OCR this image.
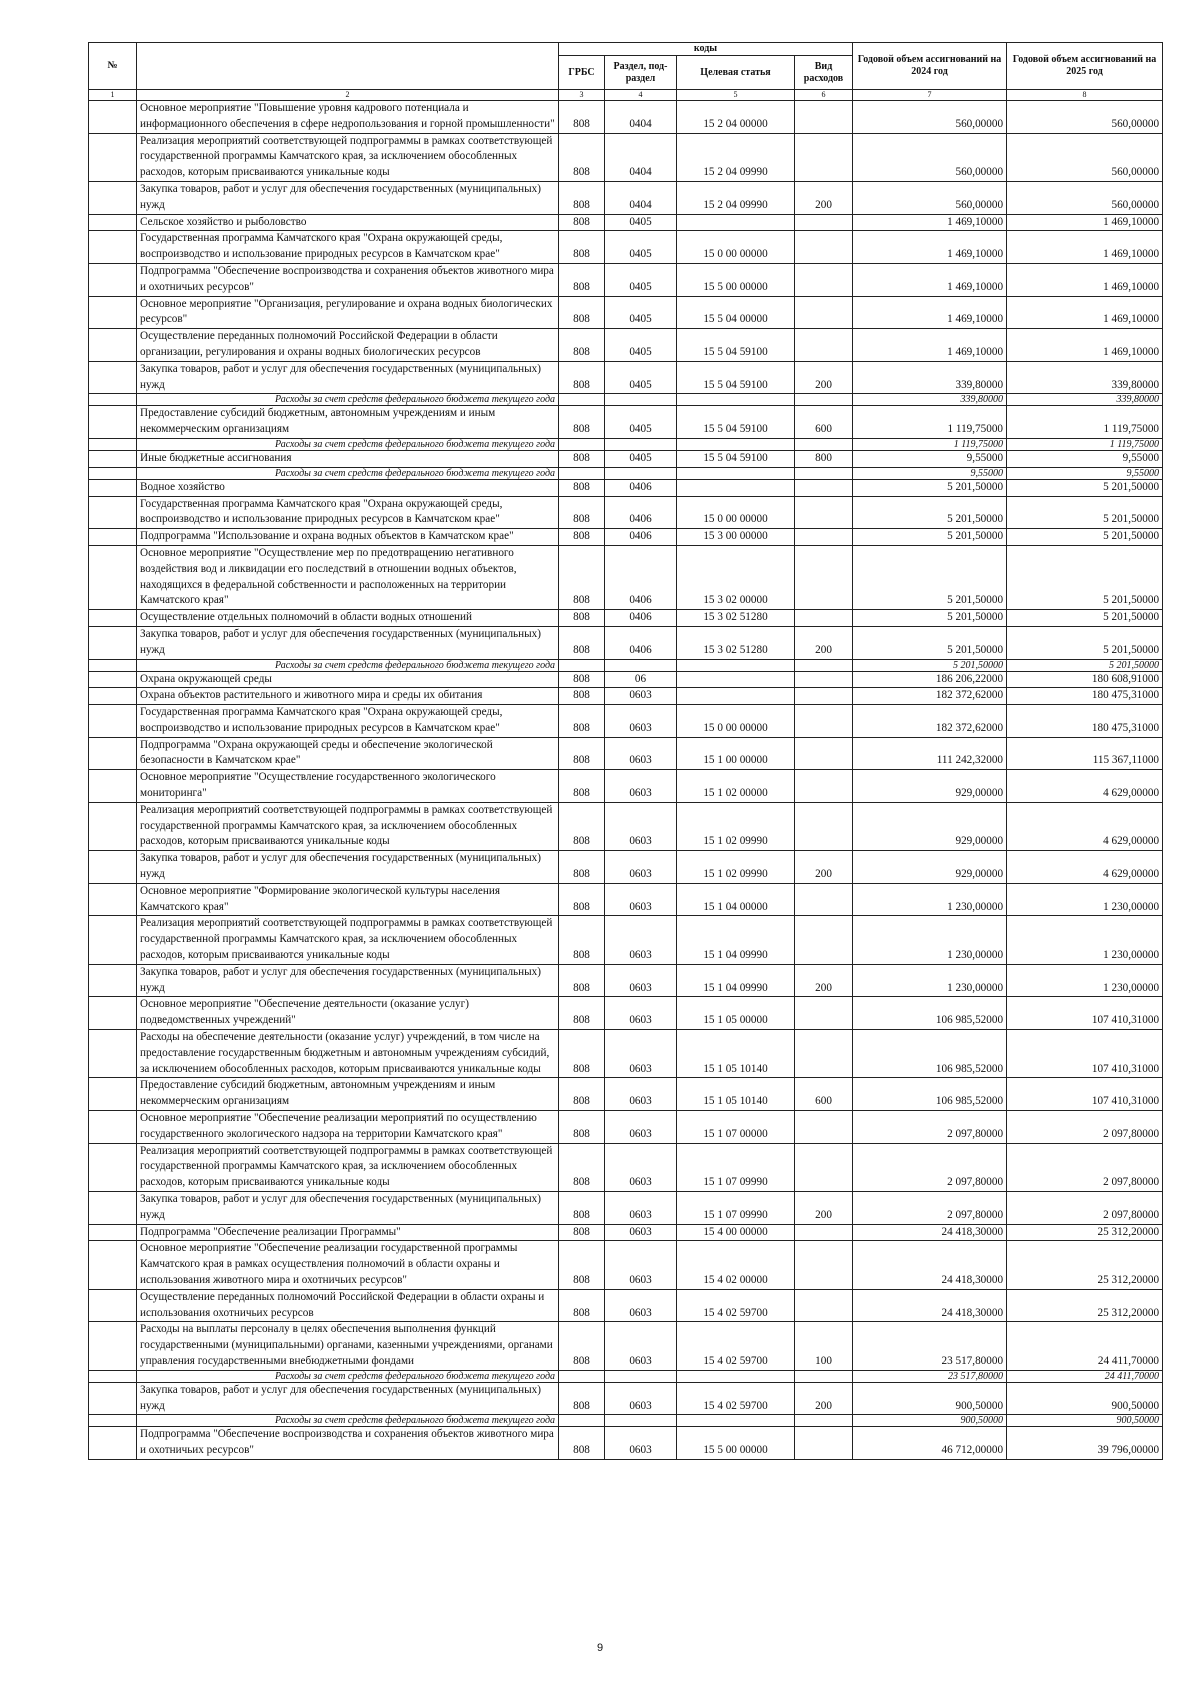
№		коды				Годовой объем ассигнований на 2024 год	Годовой объем ассигнований на 2025 год
		ГРБС	Раздел, под-раздел	Целевая статья	Вид расходов		
1	2	3	4	5	6	7	8
	Основное мероприятие "Повышение уровня кадрового потенциала и информационного обеспечения в сфере недропользования и горной промышленности"	808	0404	15 2 04 00000		560,00000	560,00000
	Реализация мероприятий соответствующей подпрограммы в рамках соответствующей государственной программы Камчатского края, за исключением обособленных расходов, которым присваиваются уникальные коды	808	0404	15 2 04 09990		560,00000	560,00000
	Закупка товаров, работ и услуг для обеспечения государственных (муниципальных) нужд	808	0404	15 2 04 09990	200	560,00000	560,00000
	Сельское хозяйство и рыболовство	808	0405			1 469,10000	1 469,10000
	Государственная программа Камчатского края "Охрана окружающей среды, воспроизводство и использование природных ресурсов в Камчатском крае"	808	0405	15 0 00 00000		1 469,10000	1 469,10000
	Подпрограмма "Обеспечение воспроизводства и сохранения объектов животного мира и охотничьих ресурсов"	808	0405	15 5 00 00000		1 469,10000	1 469,10000
	Основное мероприятие "Организация, регулирование и охрана водных биологических ресурсов"	808	0405	15 5 04 00000		1 469,10000	1 469,10000
	Осуществление переданных полномочий Российской Федерации в области организации, регулирования и охраны водных биологических ресурсов	808	0405	15 5 04 59100		1 469,10000	1 469,10000
	Закупка товаров, работ и услуг для обеспечения государственных (муниципальных) нужд	808	0405	15 5 04 59100	200	339,80000	339,80000
	Расходы за счет средств федерального бюджета текущего года					339,80000	339,80000
	Предоставление субсидий бюджетным, автономным учреждениям и иным некоммерческим организациям	808	0405	15 5 04 59100	600	1 119,75000	1 119,75000
	Расходы за счет средств федерального бюджета текущего года					1 119,75000	1 119,75000
	Иные бюджетные ассигнования	808	0405	15 5 04 59100	800	9,55000	9,55000
	Расходы за счет средств федерального бюджета текущего года					9,55000	9,55000
	Водное хозяйство	808	0406			5 201,50000	5 201,50000
	Государственная программа Камчатского края "Охрана окружающей среды, воспроизводство и использование природных ресурсов в Камчатском крае"	808	0406	15 0 00 00000		5 201,50000	5 201,50000
	Подпрограмма "Использование и охрана водных объектов в Камчатском крае"	808	0406	15 3 00 00000		5 201,50000	5 201,50000
	Основное мероприятие "Осуществление мер по предотвращению негативного воздействия вод и ликвидации его последствий в отношении водных объектов, находящихся в федеральной собственности и расположенных на территории Камчатского края"	808	0406	15 3 02 00000		5 201,50000	5 201,50000
	Осуществление отдельных полномочий в области водных отношений	808	0406	15 3 02 51280		5 201,50000	5 201,50000
	Закупка товаров, работ и услуг для обеспечения государственных (муниципальных) нужд	808	0406	15 3 02 51280	200	5 201,50000	5 201,50000
	Расходы за счет средств федерального бюджета текущего года					5 201,50000	5 201,50000
	Охрана окружающей среды	808	06			186 206,22000	180 608,91000
	Охрана объектов растительного и животного мира и среды их обитания	808	0603			182 372,62000	180 475,31000
	Государственная программа Камчатского края "Охрана окружающей среды, воспроизводство и использование природных ресурсов в Камчатском крае"	808	0603	15 0 00 00000		182 372,62000	180 475,31000
	Подпрограмма "Охрана окружающей среды и обеспечение экологической безопасности в Камчатском крае"	808	0603	15 1 00 00000		111 242,32000	115 367,11000
	Основное мероприятие "Осуществление государственного экологического мониторинга"	808	0603	15 1 02 00000		929,00000	4 629,00000
	Реализация мероприятий соответствующей подпрограммы в рамках соответствующей государственной программы Камчатского края, за исключением обособленных расходов, которым присваиваются уникальные коды	808	0603	15 1 02 09990		929,00000	4 629,00000
	Закупка товаров, работ и услуг для обеспечения государственных (муниципальных) нужд	808	0603	15 1 02 09990	200	929,00000	4 629,00000
	Основное мероприятие "Формирование экологической культуры населения Камчатского края"	808	0603	15 1 04 00000		1 230,00000	1 230,00000
	Реализация мероприятий соответствующей подпрограммы в рамках соответствующей государственной программы Камчатского края, за исключением обособленных расходов, которым присваиваются уникальные коды	808	0603	15 1 04 09990		1 230,00000	1 230,00000
	Закупка товаров, работ и услуг для обеспечения государственных (муниципальных) нужд	808	0603	15 1 04 09990	200	1 230,00000	1 230,00000
	Основное мероприятие "Обеспечение деятельности (оказание услуг) подведомственных учреждений"	808	0603	15 1 05 00000		106 985,52000	107 410,31000
	Расходы на обеспечение деятельности (оказание услуг) учреждений, в том числе на предоставление государственным бюджетным и автономным учреждениям субсидий, за исключением обособленных расходов, которым присваиваются уникальные коды	808	0603	15 1 05 10140		106 985,52000	107 410,31000
	Предоставление субсидий бюджетным, автономным учреждениям и иным некоммерческим организациям	808	0603	15 1 05 10140	600	106 985,52000	107 410,31000
	Основное мероприятие "Обеспечение реализации мероприятий по осуществлению государственного экологического надзора на территории Камчатского края"	808	0603	15 1 07 00000		2 097,80000	2 097,80000
	Реализация мероприятий соответствующей подпрограммы в рамках соответствующей государственной программы Камчатского края, за исключением обособленных расходов, которым присваиваются уникальные коды	808	0603	15 1 07 09990		2 097,80000	2 097,80000
	Закупка товаров, работ и услуг для обеспечения государственных (муниципальных) нужд	808	0603	15 1 07 09990	200	2 097,80000	2 097,80000
	Подпрограмма "Обеспечение реализации Программы"	808	0603	15 4 00 00000		24 418,30000	25 312,20000
	Основное мероприятие "Обеспечение реализации государственной программы Камчатского края в рамках осуществления полномочий в области охраны и использования животного мира и охотничьих ресурсов"	808	0603	15 4 02 00000		24 418,30000	25 312,20000
	Осуществление переданных полномочий Российской Федерации в области охраны и использования охотничьих ресурсов	808	0603	15 4 02 59700		24 418,30000	25 312,20000
	Расходы на выплаты персоналу в целях обеспечения выполнения функций государственными (муниципальными) органами, казенными учреждениями, органами управления государственными внебюджетными фондами	808	0603	15 4 02 59700	100	23 517,80000	24 411,70000
	Расходы за счет средств федерального бюджета текущего года					23 517,80000	24 411,70000
	Закупка товаров, работ и услуг для обеспечения государственных (муниципальных) нужд	808	0603	15 4 02 59700	200	900,50000	900,50000
	Расходы за счет средств федерального бюджета текущего года					900,50000	900,50000
	Подпрограмма "Обеспечение воспроизводства и сохранения объектов животного мира и охотничьих ресурсов"	808	0603	15 5 00 00000		46 712,00000	39 796,00000
9
